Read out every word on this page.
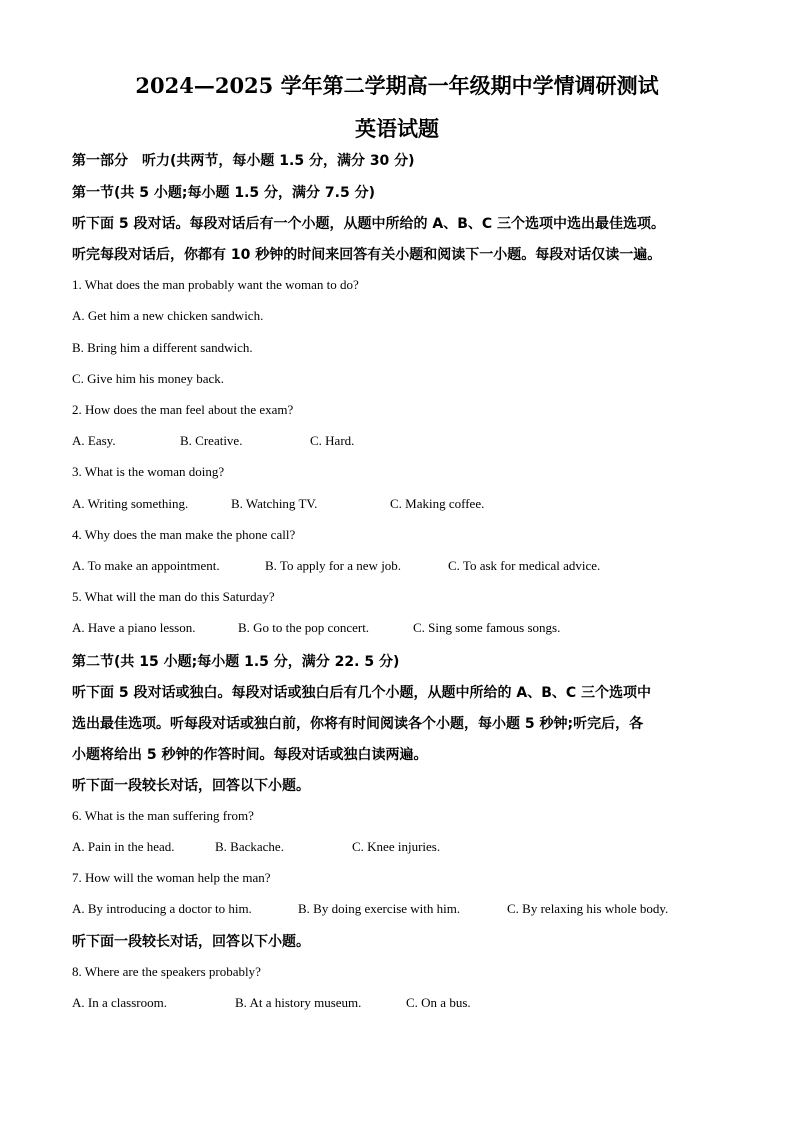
2024—2025 学年第二学期高一年级期中学情调研测试
英语试题
第一部分　听力(共两节，每小题 1.5 分，满分 30 分)
第一节(共 5 小题;每小题 1.5 分，满分 7.5 分)
听下面 5 段对话。每段对话后有一个小题，从题中所给的 A、B、C 三个选项中选出最佳选项。
听完每段对话后，你都有 10 秒钟的时间来回答有关小题和阅读下一小题。每段对话仅读一遍。
1. What does the man probably want the woman to do?
A. Get him a new chicken sandwich.
B. Bring him a different sandwich.
C. Give him his money back.
2. How does the man feel about the exam?
A. Easy.	B. Creative.	C. Hard.
3. What is the woman doing?
A. Writing something.	B. Watching TV.	C. Making coffee.
4. Why does the man make the phone call?
A. To make an appointment.	B. To apply for a new job.	C. To ask for medical advice.
5. What will the man do this Saturday?
A. Have a piano lesson.	B. Go to the pop concert.	C. Sing some famous songs.
第二节(共 15 小题;每小题 1.5 分，满分 22. 5 分)
听下面 5 段对话或独白。每段对话或独白后有几个小题，从题中所给的 A、B、C 三个选项中
选出最佳选项。听每段对话或独白前，你将有时间阅读各个小题，每小题 5 秒钟;听完后，各
小题将给出 5 秒钟的作答时间。每段对话或独白读两遍。
听下面一段较长对话，回答以下小题。
6. What is the man suffering from?
A. Pain in the head.	B. Backache.	C. Knee injuries.
7. How will the woman help the man?
A. By introducing a doctor to him.	B. By doing exercise with him.	C. By relaxing his whole body.
听下面一段较长对话，回答以下小题。
8. Where are the speakers probably?
A. In a classroom.	B. At a history museum.	C. On a bus.
